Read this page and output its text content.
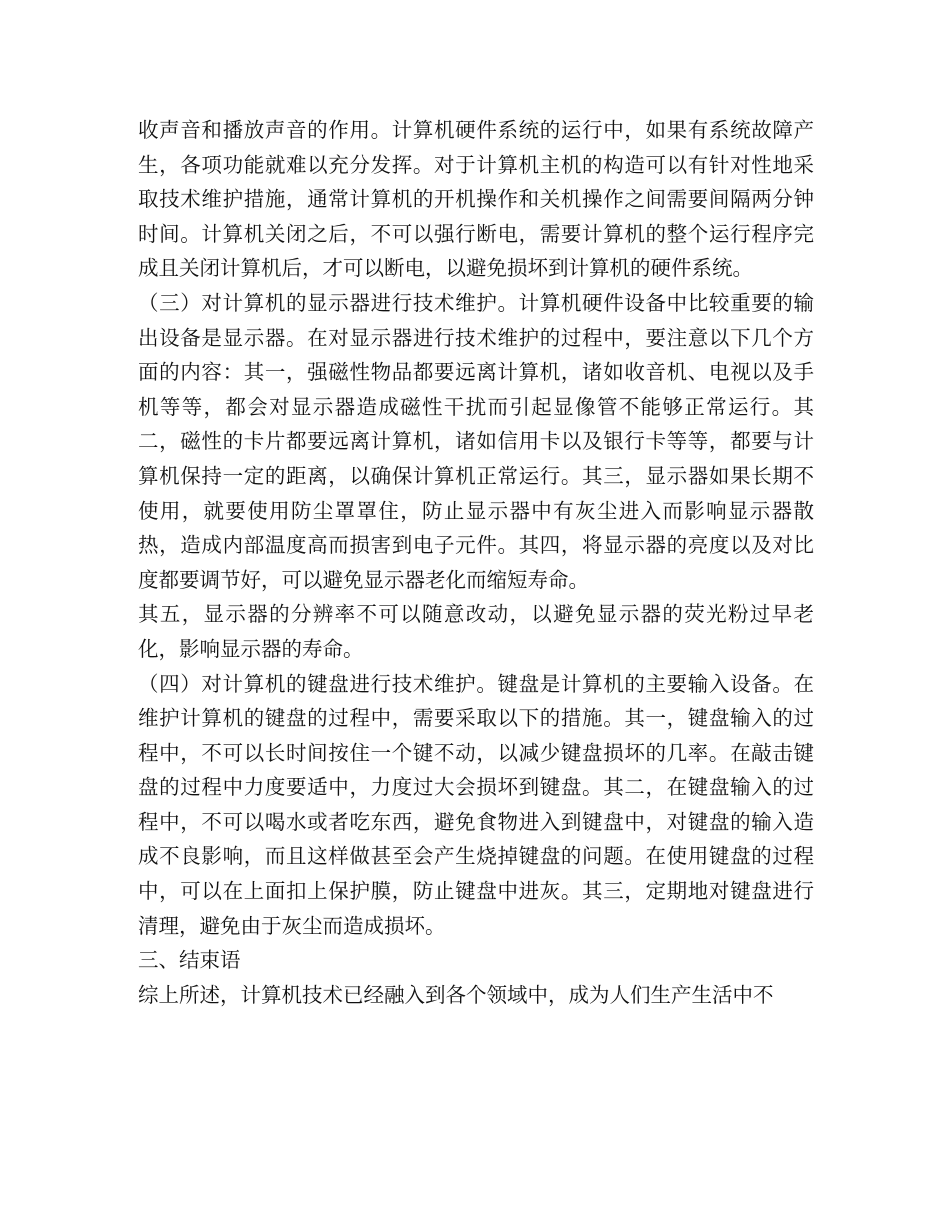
收声音和播放声音的作用。计算机硬件系统的运行中，如果有系统故障产生，各项功能就难以充分发挥。对于计算机主机的构造可以有针对性地采取技术维护措施，通常计算机的开机操作和关机操作之间需要间隔两分钟时间。计算机关闭之后，不可以强行断电，需要计算机的整个运行程序完成且关闭计算机后，才可以断电，以避免损坏到计算机的硬件系统。

（三）对计算机的显示器进行技术维护。计算机硬件设备中比较重要的输出设备是显示器。在对显示器进行技术维护的过程中，要注意以下几个方面的内容：其一，强磁性物品都要远离计算机，诸如收音机、电视以及手机等等，都会对显示器造成磁性干扰而引起显像管不能够正常运行。其二，磁性的卡片都要远离计算机，诸如信用卡以及银行卡等等，都要与计算机保持一定的距离，以确保计算机正常运行。其三，显示器如果长期不使用，就要使用防尘罩罩住，防止显示器中有灰尘进入而影响显示器散热，造成内部温度高而损害到电子元件。其四，将显示器的亮度以及对比度都要调节好，可以避免显示器老化而缩短寿命。

其五，显示器的分辨率不可以随意改动，以避免显示器的荧光粉过早老化，影响显示器的寿命。

（四）对计算机的键盘进行技术维护。键盘是计算机的主要输入设备。在维护计算机的键盘的过程中，需要采取以下的措施。其一，键盘输入的过程中，不可以长时间按住一个键不动，以减少键盘损坏的几率。在敲击键盘的过程中力度要适中，力度过大会损坏到键盘。其二，在键盘输入的过程中，不可以喝水或者吃东西，避免食物进入到键盘中，对键盘的输入造成不良影响，而且这样做甚至会产生烧掉键盘的问题。在使用键盘的过程中，可以在上面扣上保护膜，防止键盘中进灰。其三，定期地对键盘进行清理，避免由于灰尘而造成损坏。

三、结束语

综上所述，计算机技术已经融入到各个领域中，成为人们生产生活中不
